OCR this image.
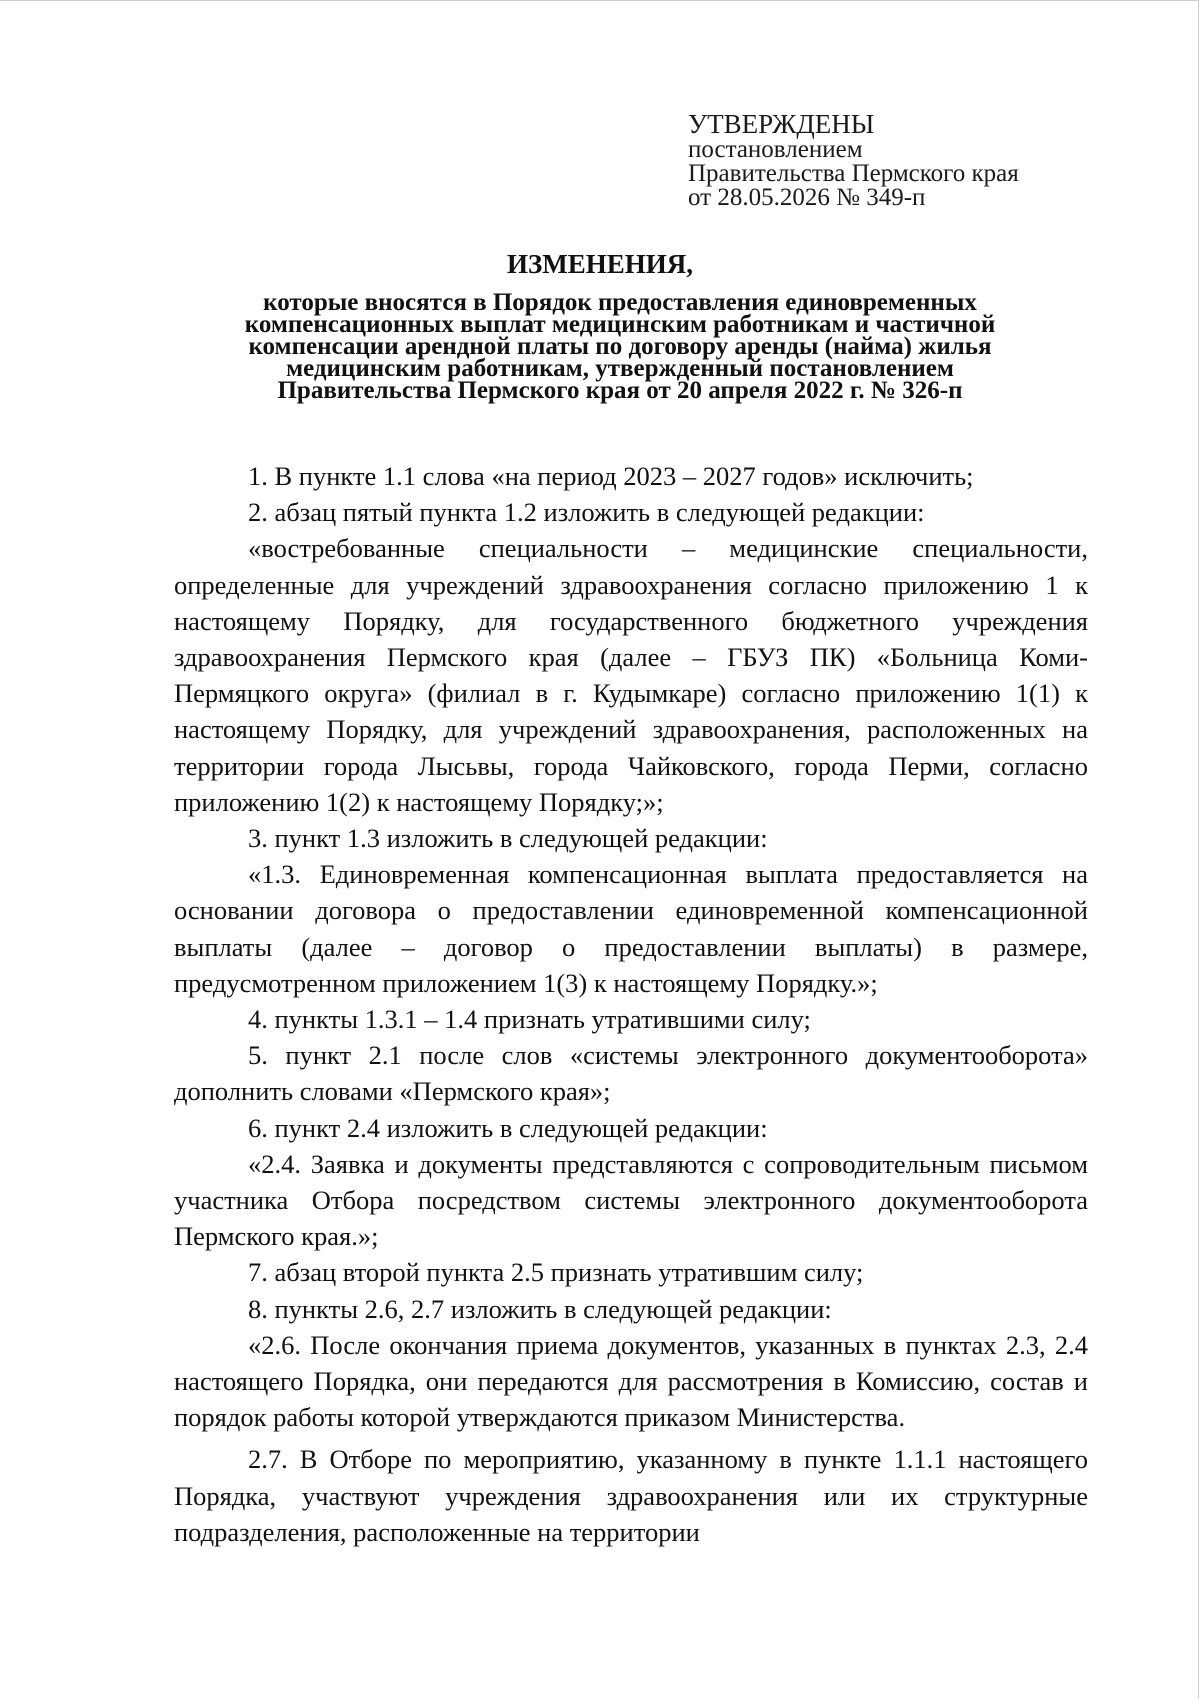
УТВЕРЖДЕНЫ
постановлением
Правительства Пермского края
от 28.05.2026 № 349-п
ИЗМЕНЕНИЯ,
которые вносятся в Порядок предоставления единовременных
компенсационных выплат медицинским работникам и частичной
компенсации арендной платы по договору аренды (найма) жилья
медицинским работникам, утвержденный постановлением
Правительства Пермского края от 20 апреля 2022 г. № 326-п

1. В пункте 1.1 слова «на период 2023 – 2027 годов» исключить;

2. абзац пятый пункта 1.2 изложить в следующей редакции:

«востребованные специальности – медицинские специальности, определенные для учреждений здравоохранения согласно приложению 1 к настоящему Порядку, для государственного бюджетного учреждения здравоохранения Пермского края (далее – ГБУЗ ПК) «Больница Коми-Пермяцкого округа» (филиал в г. Кудымкаре) согласно приложению 1(1) к настоящему Порядку, для учреждений здравоохранения, расположенных на территории города Лысьвы, города Чайковского, города Перми, согласно приложению 1(2) к настоящему Порядку;»;

3. пункт 1.3 изложить в следующей редакции:

«1.3. Единовременная компенсационная выплата предоставляется на основании договора о предоставлении единовременной компенсационной выплаты (далее – договор о предоставлении выплаты) в размере, предусмотренном приложением 1(3) к настоящему Порядку.»;

4. пункты 1.3.1 – 1.4 признать утратившими силу;

5. пункт 2.1 после слов «системы электронного документооборота» дополнить словами «Пермского края»;

6. пункт 2.4 изложить в следующей редакции:

«2.4. Заявка и документы представляются с сопроводительным письмом участника Отбора посредством системы электронного документооборота Пермского края.»;

7. абзац второй пункта 2.5 признать утратившим силу;

8. пункты 2.6, 2.7 изложить в следующей редакции:

«2.6. После окончания приема документов, указанных в пунктах 2.3, 2.4 настоящего Порядка, они передаются для рассмотрения в Комиссию, состав и порядок работы которой утверждаются приказом Министерства.

2.7. В Отборе по мероприятию, указанному в пункте 1.1.1 настоящего Порядка, участвуют учреждения здравоохранения или их структурные подразделения, расположенные на территории
